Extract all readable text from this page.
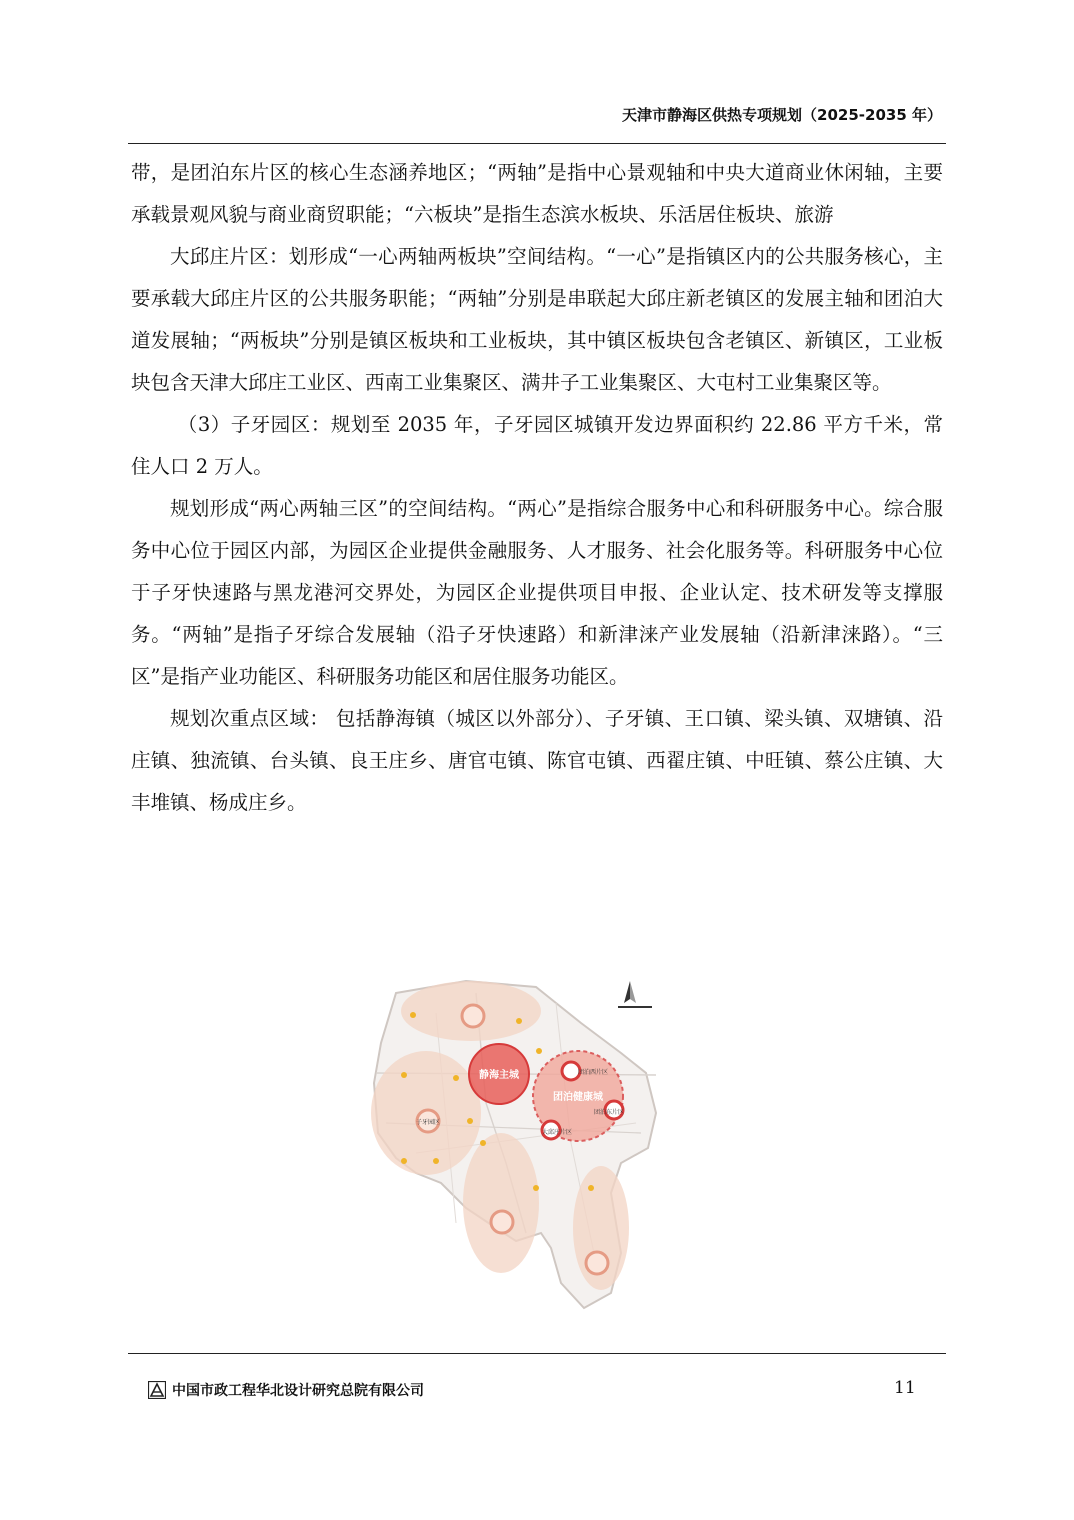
天津市静海区供热专项规划（2025-2035 年）

带，是团泊东片区的核心生态涵养地区；“两轴”是指中心景观轴和中央大道商业休闲轴，主要承载景观风貌与商业商贸职能；“六板块”是指生态滨水板块、乐活居住板块、旅游

大邱庄片区：划形成“一心两轴两板块”空间结构。“一心”是指镇区内的公共服务核心，主要承载大邱庄片区的公共服务职能；“两轴”分别是串联起大邱庄新老镇区的发展主轴和团泊大道发展轴；“两板块”分别是镇区板块和工业板块，其中镇区板块包含老镇区、新镇区，工业板块包含天津大邱庄工业区、西南工业集聚区、满井子工业集聚区、大屯村工业集聚区等。

（3）子牙园区：规划至 2035 年，子牙园区城镇开发边界面积约 22.86 平方千米，常住人口 2 万人。

规划形成“两心两轴三区”的空间结构。“两心”是指综合服务中心和科研服务中心。综合服务中心位于园区内部，为园区企业提供金融服务、人才服务、社会化服务等。科研服务中心位于子牙快速路与黑龙港河交界处，为园区企业提供项目申报、企业认定、技术研发等支撑服务。“两轴”是指子牙综合发展轴（沿子牙快速路）和新津涞产业发展轴（沿新津涞路）。“三区”是指产业功能区、科研服务功能区和居住服务功能区。

规划次重点区域： 包括静海镇（城区以外部分）、子牙镇、王口镇、梁头镇、双塘镇、沿庄镇、独流镇、台头镇、良王庄乡、唐官屯镇、陈官屯镇、西翟庄镇、中旺镇、蔡公庄镇、大丰堆镇、杨成庄乡。

静海主城
团泊健康城
团泊西片区
团泊东片区
大邱庄片区
子牙园区
中国市政工程华北设计研究总院有限公司	11
